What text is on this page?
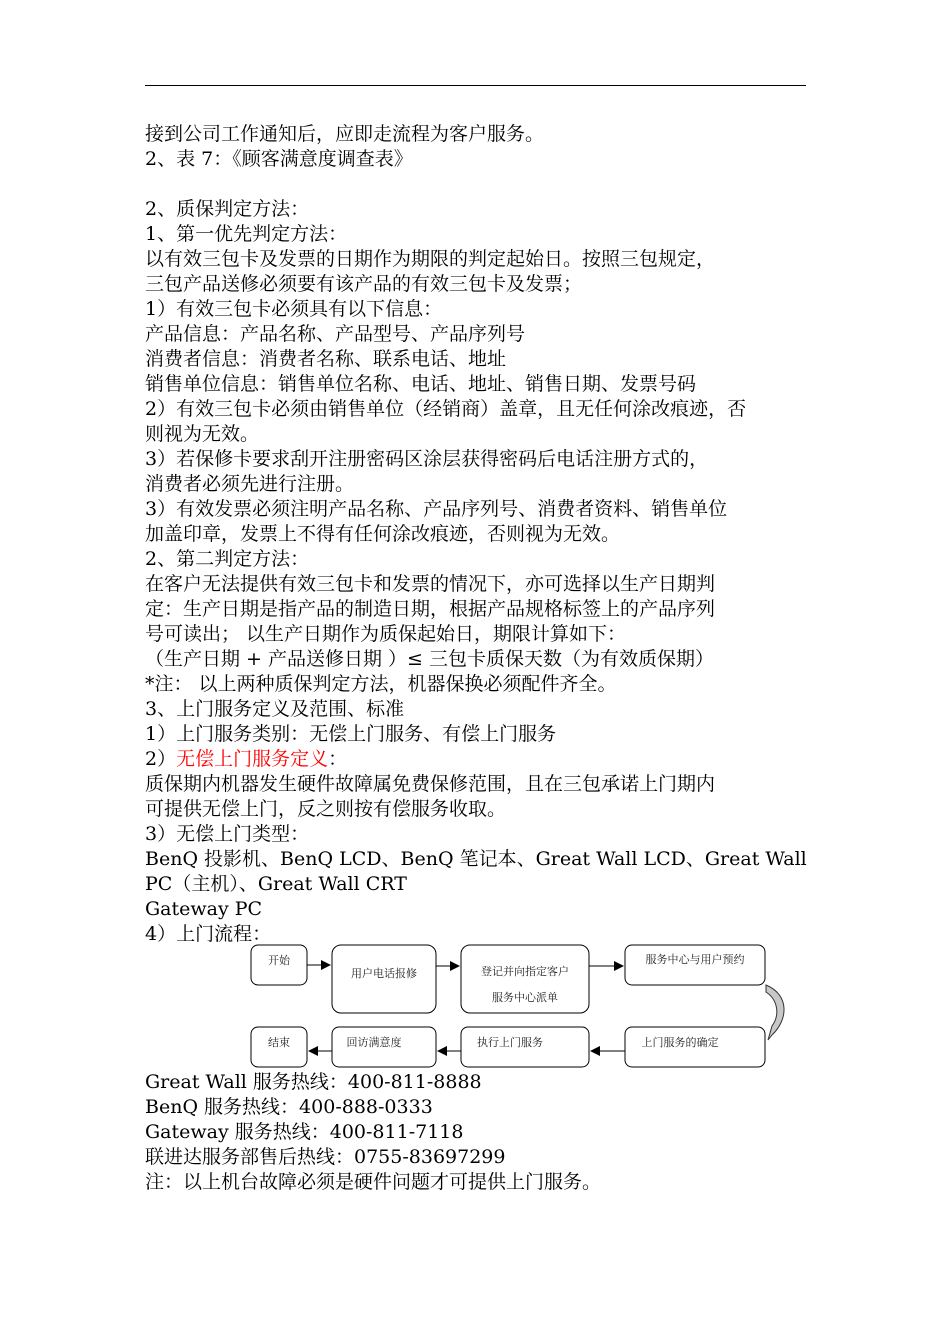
接到公司工作通知后，应即走流程为客户服务。
2、表 7：《顾客满意度调查表》
2、质保判定方法：
1、第一优先判定方法：
以有效三包卡及发票的日期作为期限的判定起始日。按照三包规定，
三包产品送修必须要有该产品的有效三包卡及发票；
1）有效三包卡必须具有以下信息：
产品信息：产品名称、产品型号、产品序列号
消费者信息：消费者名称、联系电话、地址
销售单位信息：销售单位名称、电话、地址、销售日期、发票号码
2）有效三包卡必须由销售单位（经销商）盖章，且无任何涂改痕迹，否
则视为无效。
3）若保修卡要求刮开注册密码区涂层获得密码后电话注册方式的，
消费者必须先进行注册。
3）有效发票必须注明产品名称、产品序列号、消费者资料、销售单位
加盖印章，发票上不得有任何涂改痕迹，否则视为无效。
2、第二判定方法：
在客户无法提供有效三包卡和发票的情况下，亦可选择以生产日期判
定：生产日期是指产品的制造日期，根据产品规格标签上的产品序列
号可读出； 以生产日期作为质保起始日，期限计算如下：
（生产日期 + 产品送修日期 ）≤ 三包卡质保天数（为有效质保期）
*注： 以上两种质保判定方法，机器保换必须配件齐全。
3、上门服务定义及范围、标准
1）上门服务类别：无偿上门服务、有偿上门服务
2）无偿上门服务定义：
质保期内机器发生硬件故障属免费保修范围，且在三包承诺上门期内
可提供无偿上门，反之则按有偿服务收取。
3）无偿上门类型：
BenQ 投影机、BenQ LCD、BenQ 笔记本、Great Wall LCD、Great Wall
PC（主机）、Great Wall CRT
Gateway PC
4）上门流程：
开始
用户电话报修	登记并向指定客户
服务中心派单
服务中心与用户预约
上门服务的确定
执行上门服务
回访满意度
结束
Great Wall 服务热线：400-811-8888
BenQ 服务热线：400-888-0333
Gateway 服务热线：400-811-7118
联进达服务部售后热线：0755-83697299
注：以上机台故障必须是硬件问题才可提供上门服务。
